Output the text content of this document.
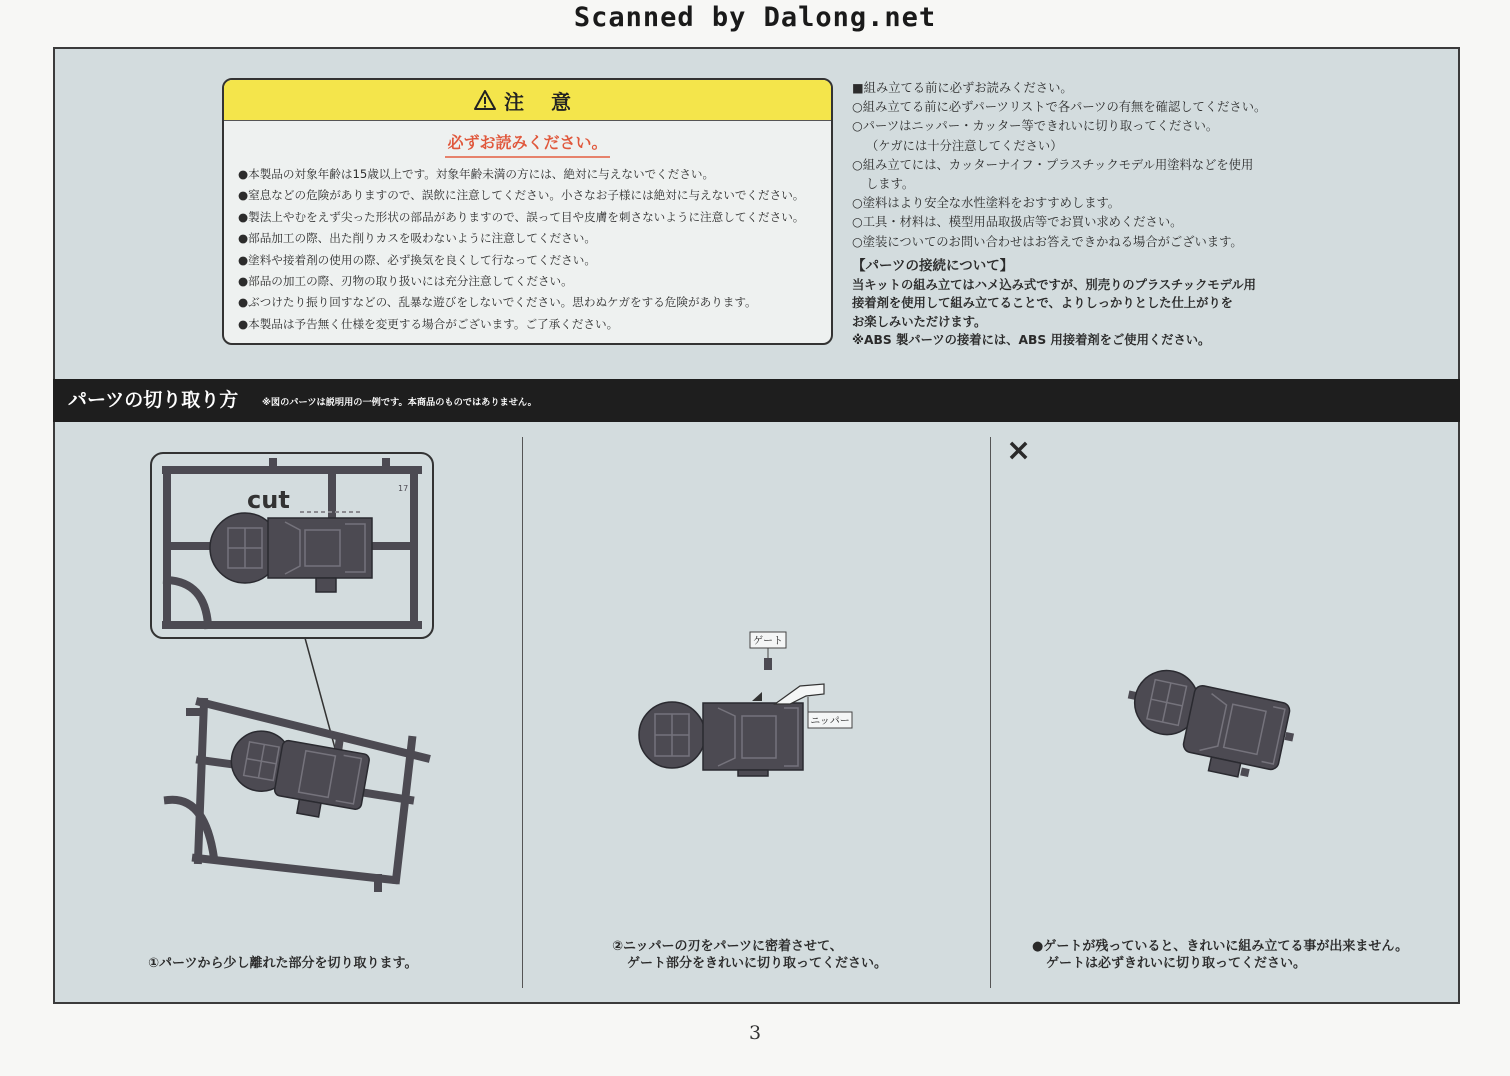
Scanned by Dalong.net
注 意
必ずお読みください。
●本製品の対象年齢は15歳以上です。対象年齢未満の方には、絶対に与えないでください。
●窒息などの危険がありますので、誤飲に注意してください。小さなお子様には絶対に与えないでください。
●製法上やむをえず尖った形状の部品がありますので、誤って目や皮膚を刺さないように注意してください。
●部品加工の際、出た削りカスを吸わないように注意してください。
●塗料や接着剤の使用の際、必ず換気を良くして行なってください。
●部品の加工の際、刃物の取り扱いには充分注意してください。
●ぶつけたり振り回すなどの、乱暴な遊びをしないでください。思わぬケガをする危険があります。
●本製品は予告無く仕様を変更する場合がございます。ご了承ください。
■組み立てる前に必ずお読みください。
○組み立てる前に必ずパーツリストで各パーツの有無を確認してください。
○パーツはニッパー・カッター等できれいに切り取ってください。
（ケガには十分注意してください）
○組み立てには、カッターナイフ・プラスチックモデル用塗料などを使用
します。
○塗料はより安全な水性塗料をおすすめします。
○工具・材料は、模型用品取扱店等でお買い求めください。
○塗装についてのお問い合わせはお答えできかねる場合がございます。
【パーツの接続について】
当キットの組み立てはハメ込み式ですが、別売りのプラスチックモデル用
接着剤を使用して組み立てることで、よりしっかりとした仕上がりを
お楽しみいただけます。
※ABS 製パーツの接着には、ABS 用接着剤をご使用ください。
パーツの切り取り方	※図のパーツは説明用の一例です。本商品のものではありません。
cut	17
ゲート
ニッパー
×
①パーツから少し離れた部分を切り取ります。
②ニッパーの刃をパーツに密着させて、
ゲート部分をきれいに切り取ってください。
●ゲートが残っていると、きれいに組み立てる事が出来ません。
ゲートは必ずきれいに切り取ってください。
3
